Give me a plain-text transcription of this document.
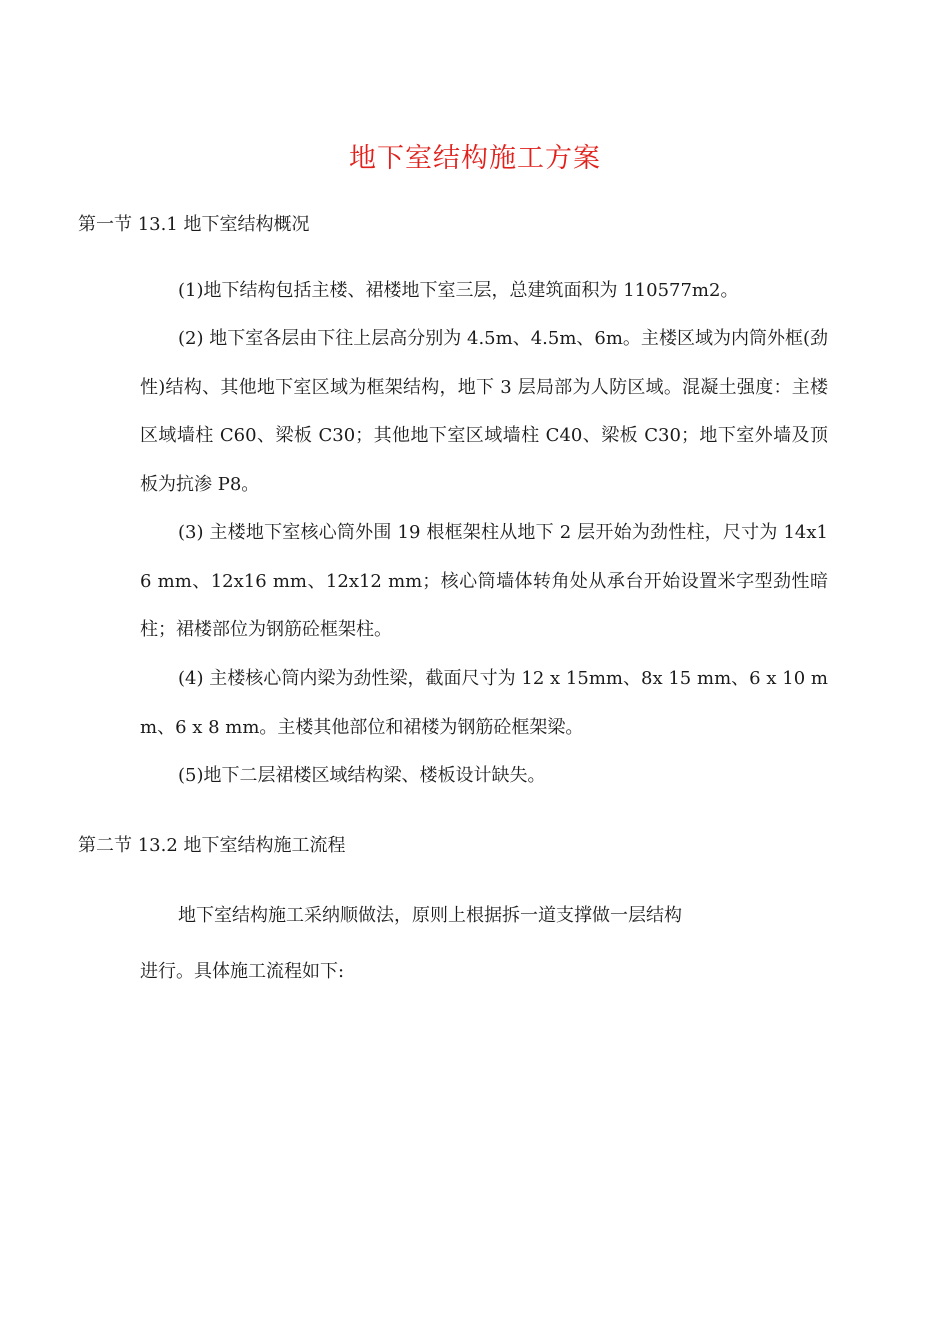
地下室结构施工方案
第一节 13.1 地下室结构概况

(1)地下结构包括主楼、裙楼地下室三层，总建筑面积为 110577m2。

(2) 地下室各层由下往上层高分别为 4.5m、4.5m、6m。主楼区域为内筒外框(劲性)结构、其他地下室区域为框架结构，地下 3 层局部为人防区域。混凝土强度：主楼区域墙柱 C60、梁板 C30；其他地下室区域墙柱 C40、梁板 C30；地下室外墙及顶板为抗渗 P8。

(3) 主楼地下室核心筒外围 19 根框架柱从地下 2 层开始为劲性柱，尺寸为 14x16 mm、12x16 mm、12x12 mm；核心筒墙体转角处从承台开始设置米字型劲性暗柱；裙楼部位为钢筋砼框架柱。

(4) 主楼核心筒内梁为劲性梁，截面尺寸为 12 x 15mm、8x 15 mm、6 x 10 mm、6 x 8 mm。主楼其他部位和裙楼为钢筋砼框架梁。

(5)地下二层裙楼区域结构梁、楼板设计缺失。

第二节 13.2 地下室结构施工流程

地下室结构施工采纳顺做法，原则上根据拆一道支撑做一层结构

进行。具体施工流程如下:
